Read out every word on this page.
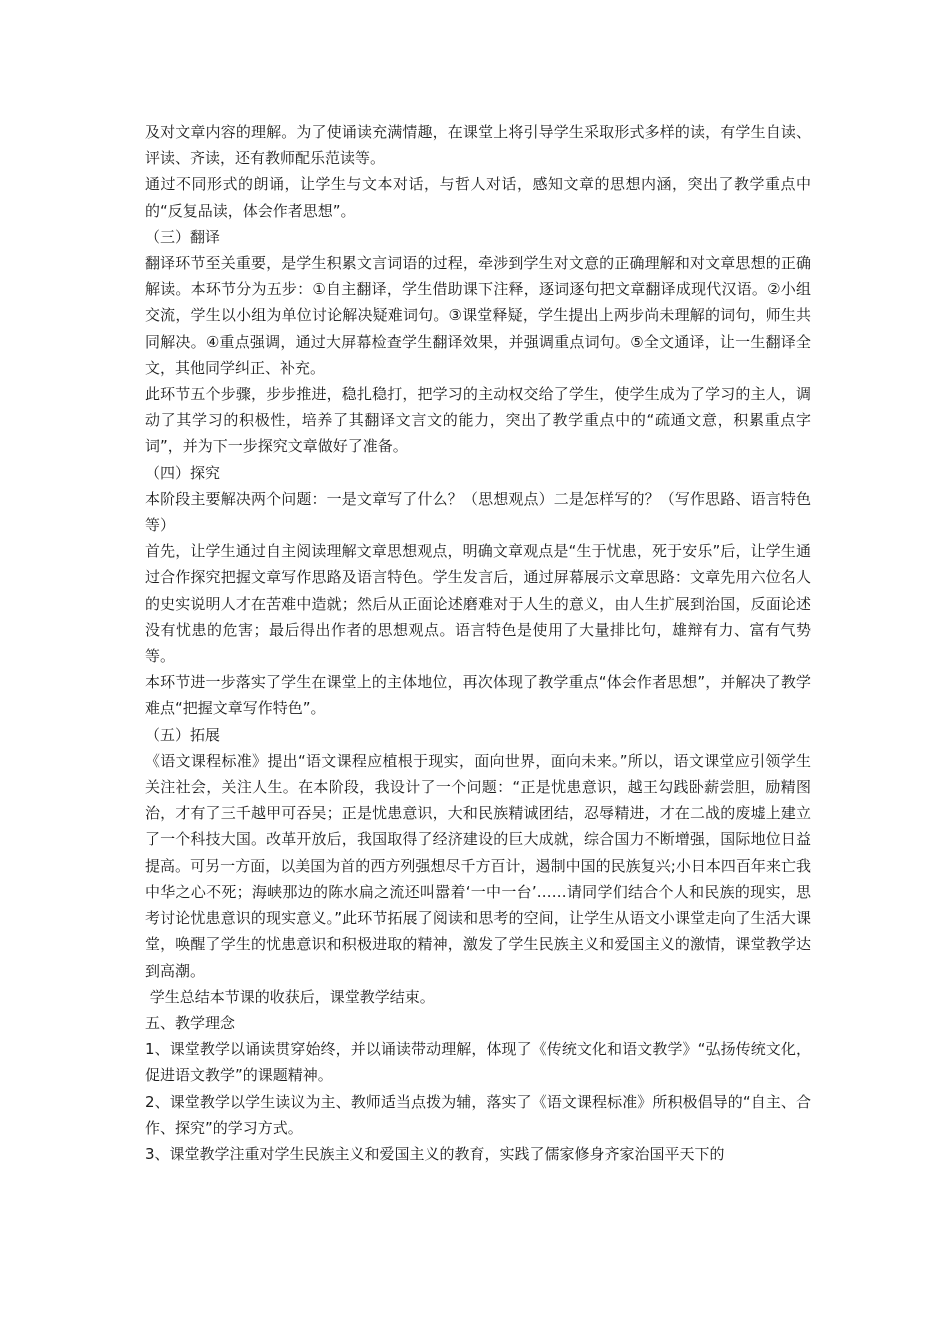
及对文章内容的理解。为了使诵读充满情趣，在课堂上将引导学生采取形式多样的读，有学生自读、评读、齐读，还有教师配乐范读等。

通过不同形式的朗诵，让学生与文本对话，与哲人对话，感知文章的思想内涵，突出了教学重点中的“反复品读，体会作者思想”。

（三）翻译

翻译环节至关重要，是学生积累文言词语的过程，牵涉到学生对文意的正确理解和对文章思想的正确解读。本环节分为五步：①自主翻译，学生借助课下注释，逐词逐句把文章翻译成现代汉语。②小组交流，学生以小组为单位讨论解决疑难词句。③课堂释疑，学生提出上两步尚未理解的词句，师生共同解决。④重点强调，通过大屏幕检查学生翻译效果，并强调重点词句。⑤全文通译，让一生翻译全文，其他同学纠正、补充。

此环节五个步骤，步步推进，稳扎稳打，把学习的主动权交给了学生，使学生成为了学习的主人，调动了其学习的积极性，培养了其翻译文言文的能力，突出了教学重点中的“疏通文意，积累重点字词”，并为下一步探究文章做好了准备。

（四）探究

本阶段主要解决两个问题：一是文章写了什么？（思想观点）二是怎样写的？（写作思路、语言特色等）

首先，让学生通过自主阅读理解文章思想观点，明确文章观点是“生于忧患，死于安乐”后，让学生通过合作探究把握文章写作思路及语言特色。学生发言后，通过屏幕展示文章思路：文章先用六位名人的史实说明人才在苦难中造就；然后从正面论述磨难对于人生的意义，由人生扩展到治国，反面论述没有忧患的危害；最后得出作者的思想观点。语言特色是使用了大量排比句，雄辩有力、富有气势等。

本环节进一步落实了学生在课堂上的主体地位，再次体现了教学重点“体会作者思想”，并解决了教学难点“把握文章写作特色”。

（五）拓展

《语文课程标准》提出“语文课程应植根于现实，面向世界，面向未来。”所以，语文课堂应引领学生关注社会，关注人生。在本阶段，我设计了一个问题：“正是忧患意识，越王勾践卧薪尝胆，励精图治，才有了三千越甲可吞吴；正是忧患意识，大和民族精诚团结，忍辱精进，才在二战的废墟上建立了一个科技大国。改革开放后，我国取得了经济建设的巨大成就，综合国力不断增强，国际地位日益提高。可另一方面，以美国为首的西方列强想尽千方百计，遏制中国的民族复兴;小日本四百年来亡我中华之心不死；海峡那边的陈水扁之流还叫嚣着‘一中一台’……请同学们结合个人和民族的现实，思考讨论忧患意识的现实意义。”此环节拓展了阅读和思考的空间，让学生从语文小课堂走向了生活大课堂，唤醒了学生的忧患意识和积极进取的精神，激发了学生民族主义和爱国主义的激情，课堂教学达到高潮。

学生总结本节课的收获后，课堂教学结束。

五、教学理念

1、课堂教学以诵读贯穿始终，并以诵读带动理解，体现了《传统文化和语文教学》“弘扬传统文化，促进语文教学”的课题精神。

2、课堂教学以学生读议为主、教师适当点拨为辅，落实了《语文课程标准》所积极倡导的“自主、合作、探究”的学习方式。

3、课堂教学注重对学生民族主义和爱国主义的教育，实践了儒家修身齐家治国平天下的
